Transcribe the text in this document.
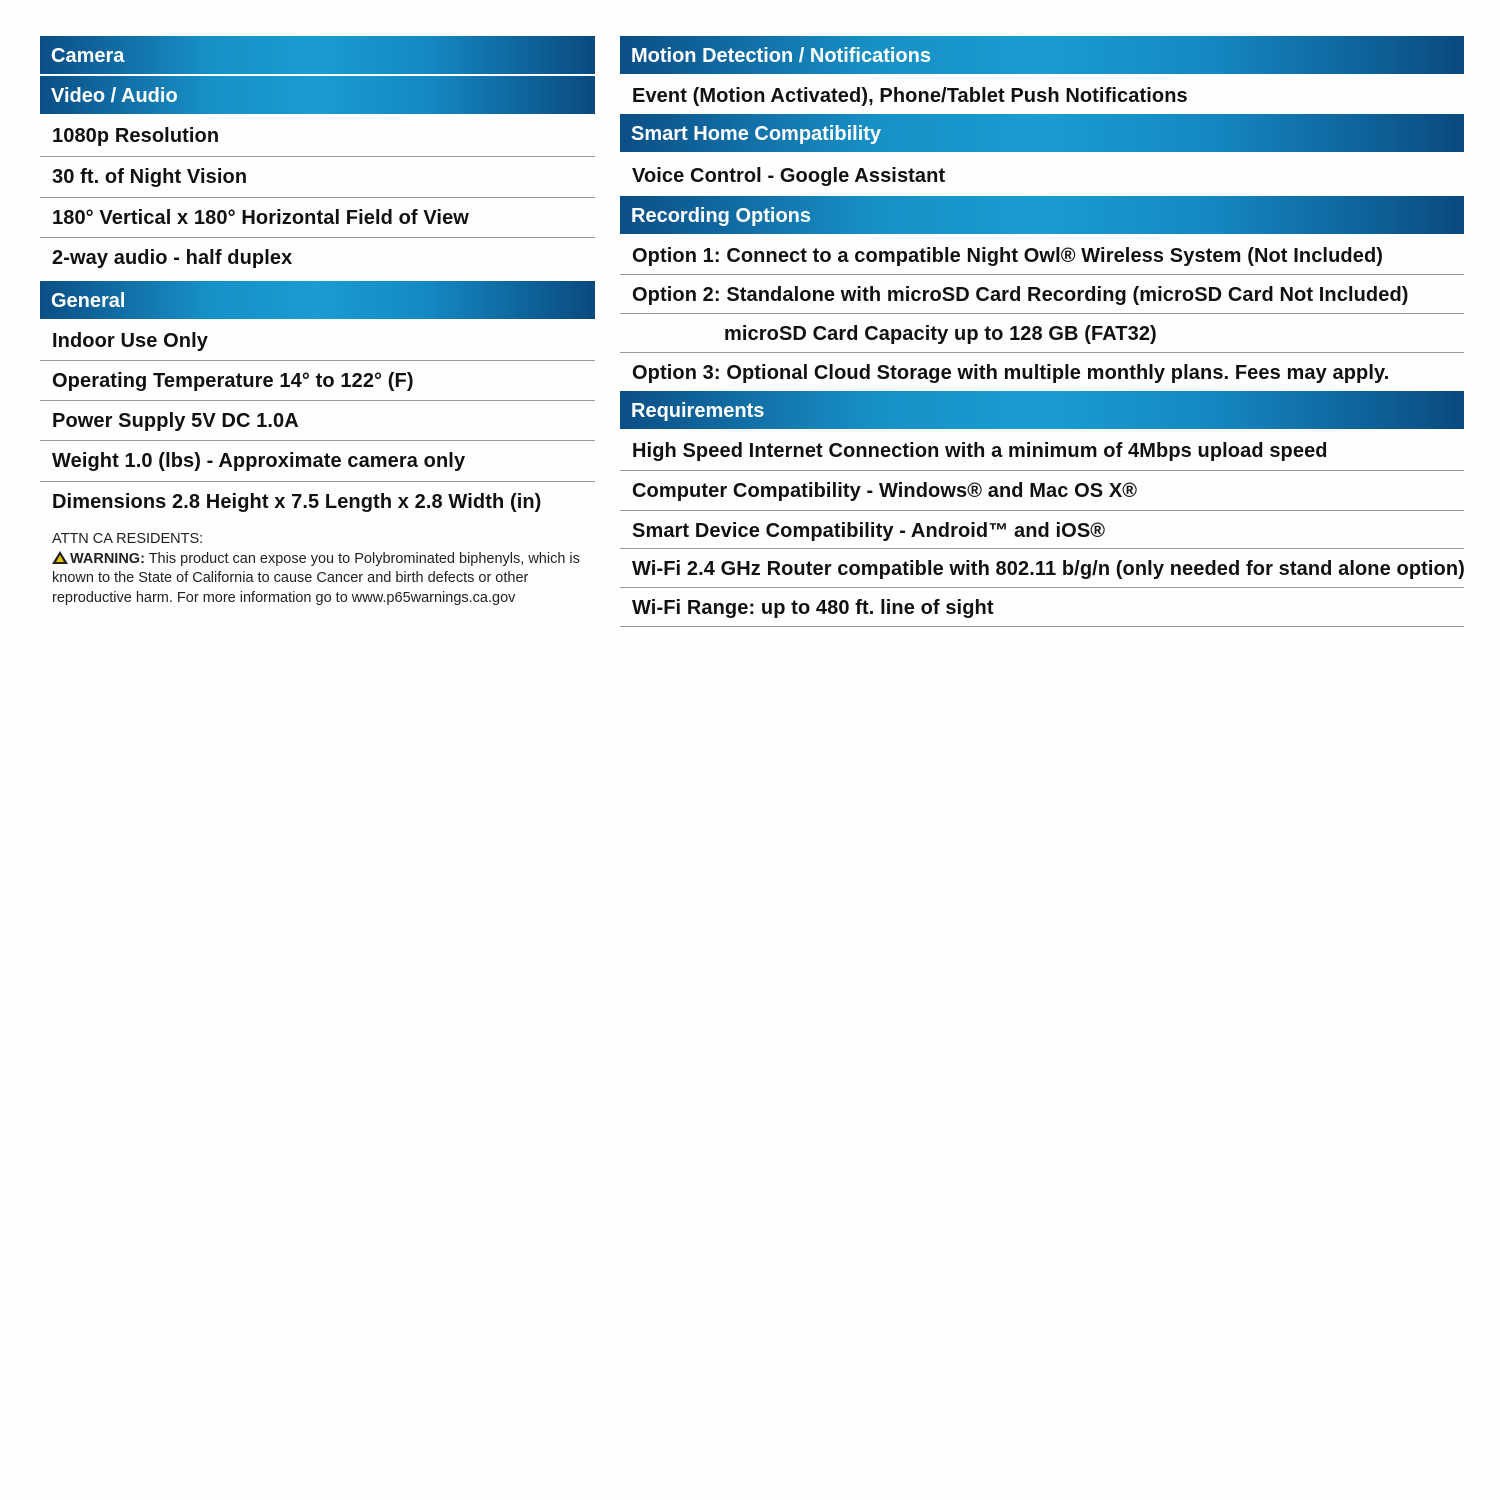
Camera
Video / Audio
1080p Resolution
30 ft. of Night Vision
180° Vertical x 180° Horizontal Field of View
2-way audio - half duplex
General
Indoor Use Only
Operating Temperature 14° to 122° (F)
Power Supply 5V DC 1.0A
Weight 1.0 (lbs) - Approximate camera only
Dimensions 2.8 Height x 7.5 Length x 2.8 Width (in)
ATTN CA RESIDENTS:
WARNING: This product can expose you to Polybrominated biphenyls, which is known to the State of California to cause Cancer and birth defects or other reproductive harm. For more information go to www.p65warnings.ca.gov
Motion Detection / Notifications
Event (Motion Activated), Phone/Tablet Push Notifications
Smart Home Compatibility
Voice Control - Google Assistant
Recording Options
Option 1: Connect to a compatible Night Owl® Wireless System (Not Included)
Option 2: Standalone with microSD Card Recording (microSD Card Not Included)
microSD Card Capacity up to 128 GB (FAT32)
Option 3: Optional Cloud Storage with multiple monthly plans. Fees may apply.
Requirements
High Speed Internet Connection with a minimum of 4Mbps upload speed
Computer Compatibility - Windows® and Mac OS X®
Smart Device Compatibility - Android™ and iOS®
Wi-Fi 2.4 GHz Router compatible with 802.11 b/g/n (only needed for stand alone option)
Wi-Fi Range: up to 480 ft. line of sight
